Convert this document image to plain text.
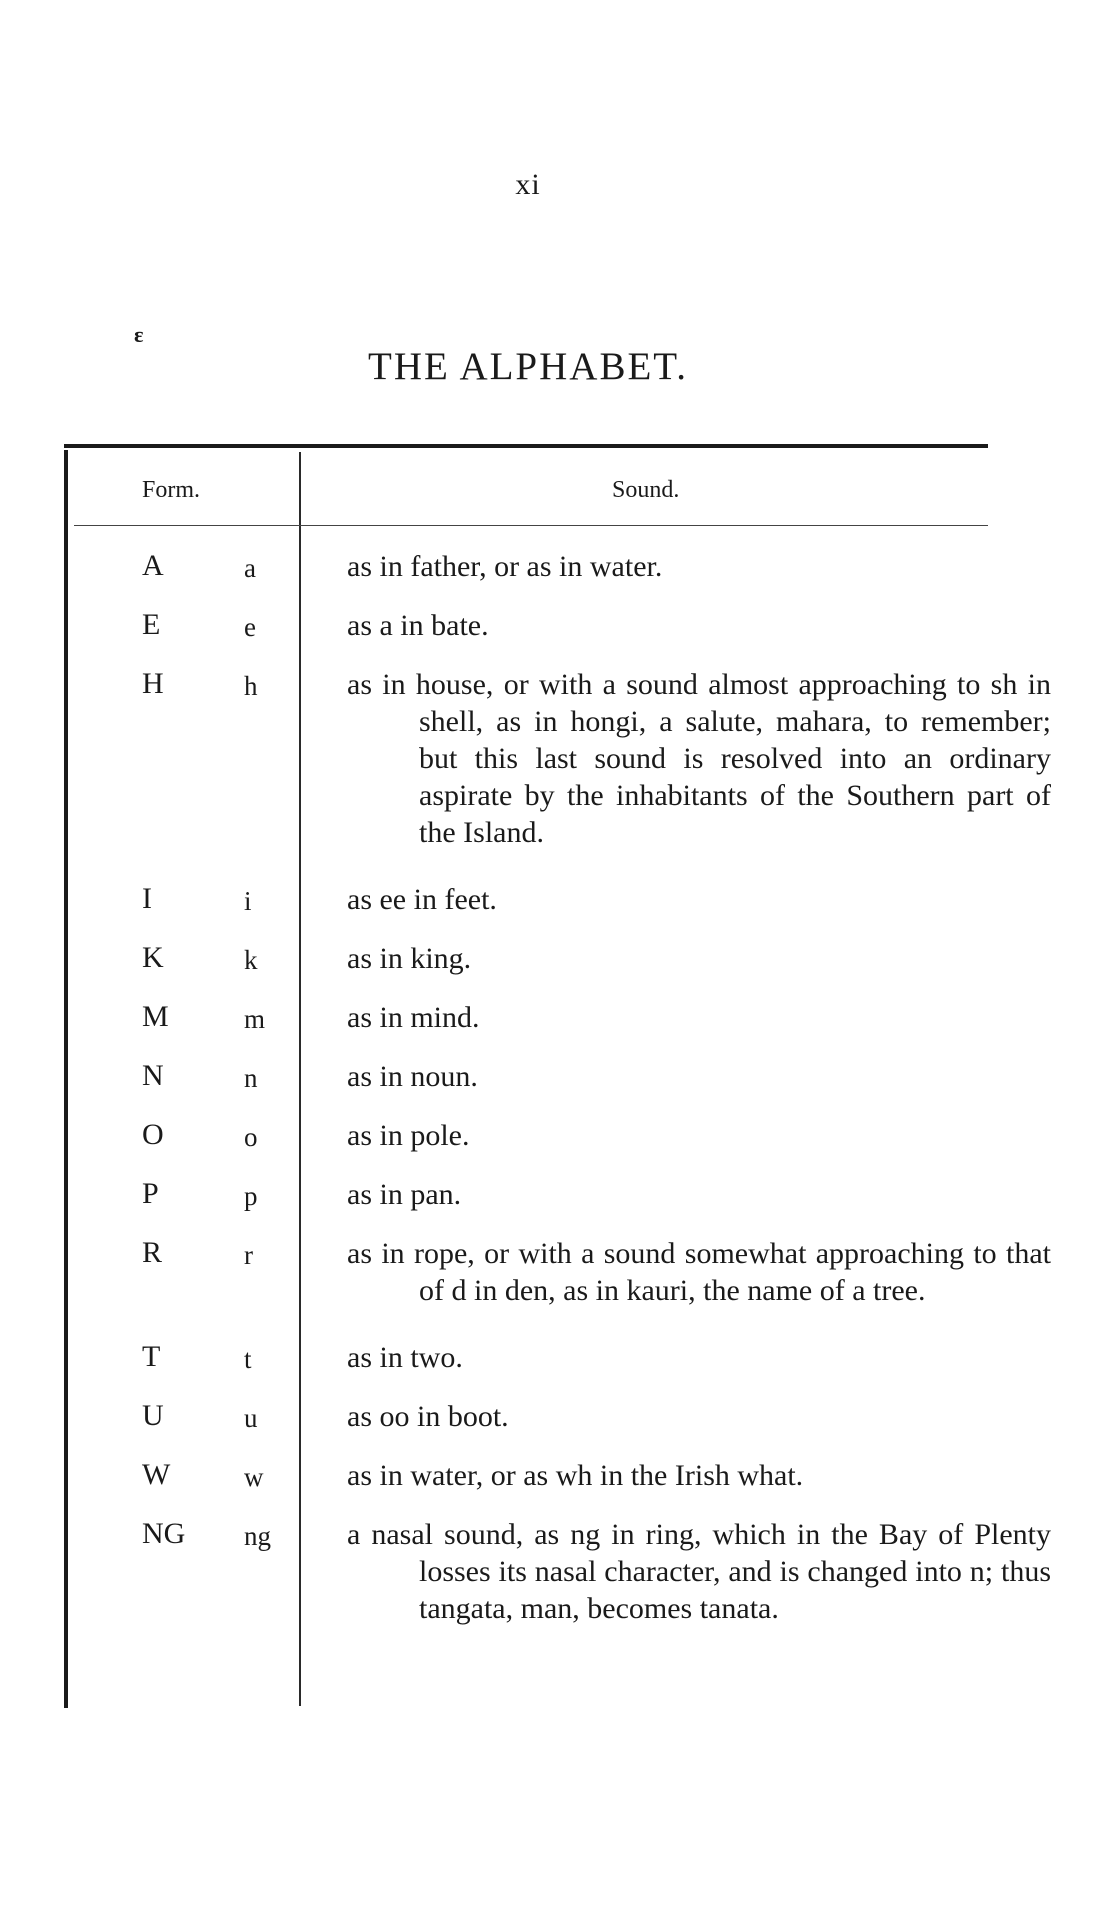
xi
ɛ
THE ALPHABET.
Form.	Sound.
A	a	as in father, or as in water.
E	e	as a in bate.
H	h	as in house, or with a sound almost approaching to sh in shell, as in hongi, a salute, mahara, to remember; but this last sound is resolved into an ordinary aspirate by the inhabitants of the Southern part of the Island.
I	i	as ee in feet.
K	k	as in king.
M	m	as in mind.
N	n	as in noun.
O	o	as in pole.
P	p	as in pan.
R	r	as in rope, or with a sound somewhat approaching to that of d in den, as in kauri, the name of a tree.
T	t	as in two.
U	u	as oo in boot.
W	w	as in water, or as wh in the Irish what.
NG ng	a nasal sound, as ng in ring, which in the Bay of Plenty losses its nasal character, and is changed into n; thus tangata, man, becomes tanata.
